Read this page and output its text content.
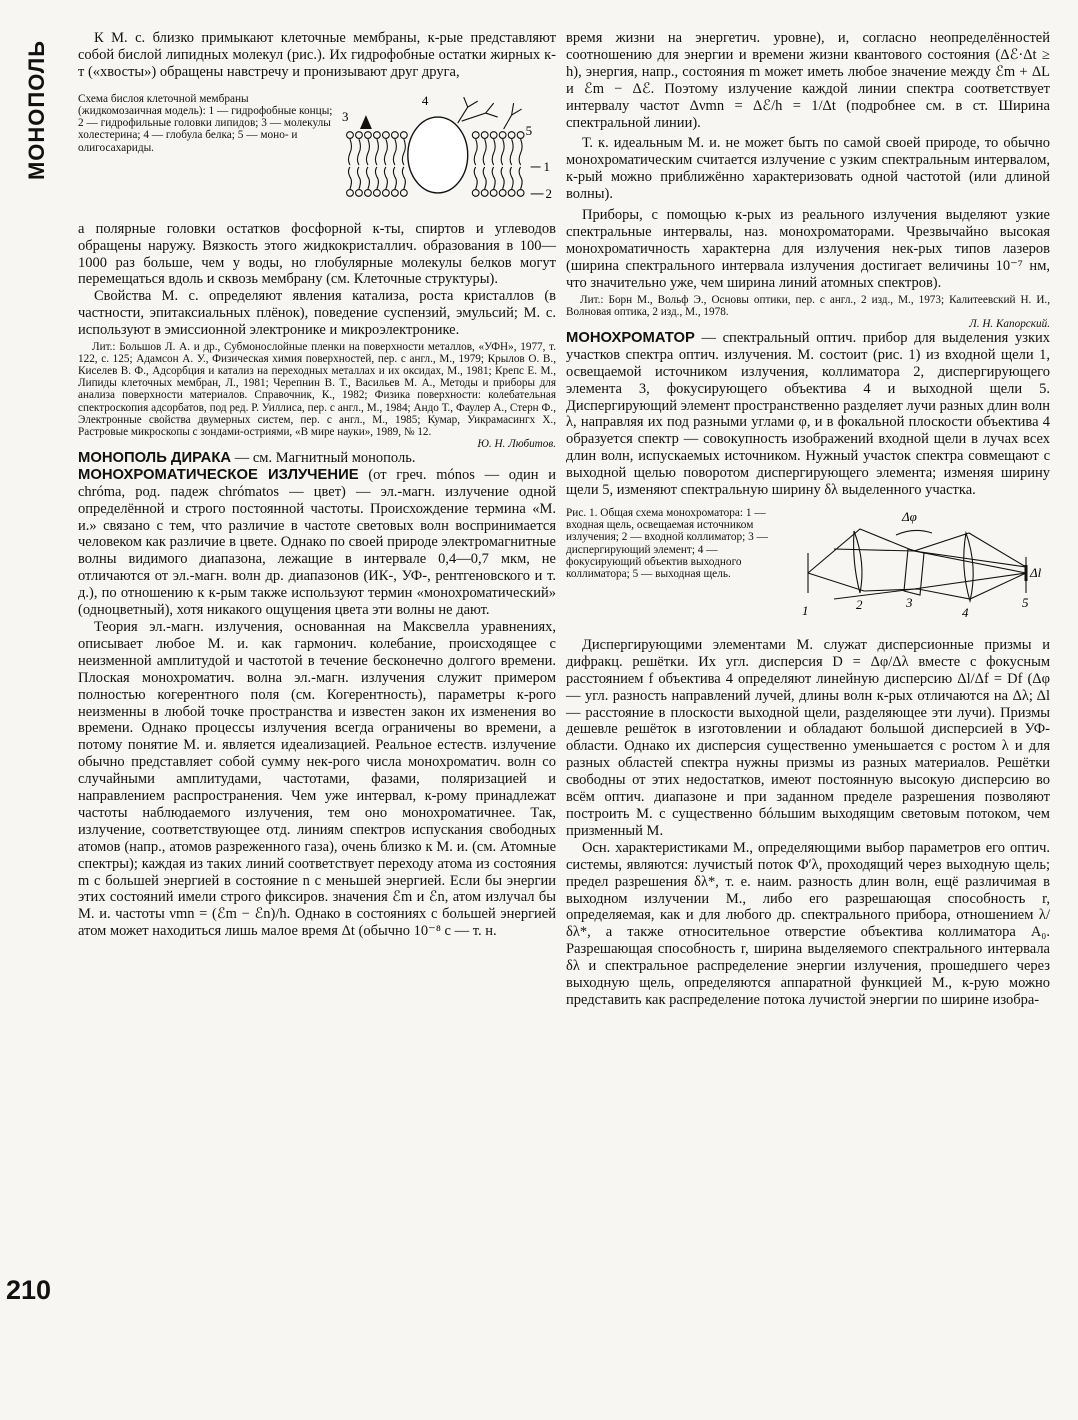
МОНОПОЛЬ
210

К М. с. близко примыкают клеточные мембраны, к-рые представляют собой бислой липидных молекул (рис.). Их гидрофобные остатки жирных к-т («хвосты») обращены навстречу и пронизывают друг друга,

Схема бислоя клеточной мембраны (жидкомозаичная модель): 1 — гидрофобные концы; 2 — гидрофильные головки липидов; 3 — молекулы холестерина; 4 — глобула белка; 5 — моно- и олигосахариды.
3
4
5
1
2

а полярные головки остатков фосфорной к-ты, спиртов и углеводов обращены наружу. Вязкость этого жидкокристаллич. образования в 100—1000 раз больше, чем у воды, но глобулярные молекулы белков могут перемещаться вдоль и сквозь мембрану (см. Клеточные структуры).

Свойства М. с. определяют явления катализа, роста кристаллов (в частности, эпитаксиальных плёнок), поведение суспензий, эмульсий; М. с. используют в эмиссионной электронике и микроэлектронике.

Лит.: Большов Л. А. и др., Субмонослойные пленки на поверхности металлов, «УФН», 1977, т. 122, с. 125; Адамсон А. У., Физическая химия поверхностей, пер. с англ., М., 1979; Крылов О. В., Киселев В. Ф., Адсорбция и катализ на переходных металлах и их оксидах, М., 1981; Крепс Е. М., Липиды клеточных мембран, Л., 1981; Черепнин В. Т., Васильев М. А., Методы и приборы для анализа поверхности материалов. Справочник, К., 1982; Физика поверхности: колебательная спектроскопия адсорбатов, под ред. Р. Уиллиса, пер. с англ., М., 1984; Андо Т., Фаулер А., Стерн Ф., Электронные свойства двумерных систем, пер. с англ., М., 1985; Кумар, Уикрамасингх X., Растровые микроскопы с зондами-остриями, «В мире науки», 1989, № 12.
Ю. Н. Любитов.

МОНОПОЛЬ ДИРАКА — см. Магнитный монополь.

МОНОХРОМАТИЧЕСКОЕ ИЗЛУЧЕНИЕ (от греч. mónos — один и chróma, род. падеж chrómatos — цвет) — эл.-магн. излучение одной определённой и строго постоянной частоты. Происхождение термина «М. и.» связано с тем, что различие в частоте световых волн воспринимается человеком как различие в цвете. Однако по своей природе электромагнитные волны видимого диапазона, лежащие в интервале 0,4—0,7 мкм, не отличаются от эл.-магн. волн др. диапазонов (ИК-, УФ-, рентгеновского и т. д.), по отношению к к-рым также используют термин «монохроматический» (одноцветный), хотя никакого ощущения цвета эти волны не дают.

Теория эл.-магн. излучения, основанная на Максвелла уравнениях, описывает любое М. и. как гармонич. колебание, происходящее с неизменной амплитудой и частотой в течение бесконечно долгого времени. Плоская монохроматич. волна эл.-магн. излучения служит примером полностью когерентного поля (см. Когерентность), параметры к-рого неизменны в любой точке пространства и известен закон их изменения во времени. Однако процессы излучения всегда ограничены во времени, а потому понятие М. и. является идеализацией. Реальное естеств. излучение обычно представляет собой сумму нек-рого числа монохроматич. волн со случайными амплитудами, частотами, фазами, поляризацией и направлением распространения. Чем уже интервал, к-рому принадлежат частоты наблюдаемого излучения, тем оно монохроматичнее. Так, излучение, соответствующее отд. линиям спектров испускания свободных атомов (напр., атомов разреженного газа), очень близко к М. и. (см. Атомные спектры); каждая из таких линий соответствует переходу атома из состояния m с большей энергией в состояние n с меньшей энергией. Если бы энергии этих состояний имели строго фиксиров. значения ℰm и ℰn, атом излучал бы М. и. частоты νmn = (ℰm − ℰn)/h. Однако в состояниях с большей энергией атом может находиться лишь малое время Δt (обычно 10⁻⁸ с — т. н.

время жизни на энергетич. уровне), и, согласно неопределённостей соотношению для энергии и времени жизни квантового состояния (Δℰ·Δt ≥ h), энергия, напр., состояния m может иметь любое значение между ℰm + ΔL и ℰm − Δℰ. Поэтому излучение каждой линии спектра соответствует интервалу частот Δνmn = Δℰ/h = 1/Δt (подробнее см. в ст. Ширина спектральной линии).

Т. к. идеальным М. и. не может быть по самой своей природе, то обычно монохроматическим считается излучение с узким спектральным интервалом, к-рый можно приближённо характеризовать одной частотой (или длиной волны).

Приборы, с помощью к-рых из реального излучения выделяют узкие спектральные интервалы, наз. монохроматорами. Чрезвычайно высокая монохроматичность характерна для излучения нек-рых типов лазеров (ширина спектрального интервала излучения достигает величины 10⁻⁷ нм, что значительно уже, чем ширина линий атомных спектров).

Лит.: Борн М., Вольф Э., Основы оптики, пер. с англ., 2 изд., М., 1973; Калитеевский Н. И., Волновая оптика, 2 изд., М., 1978.
Л. Н. Капорский.

МОНОХРОМАТОР — спектральный оптич. прибор для выделения узких участков спектра оптич. излучения. М. состоит (рис. 1) из входной щели 1, освещаемой источником излучения, коллиматора 2, диспергирующего элемента 3, фокусирующего объектива 4 и выходной щели 5. Диспергирующий элемент пространственно разделяет лучи разных длин волн λ, направляя их под разными углами φ, и в фокальной плоскости объектива 4 образуется спектр — совокупность изображений входной щели в лучах всех длин волн, испускаемых источником. Нужный участок спектра совмещают с выходной щелью поворотом диспергирующего элемента; изменяя ширину щели 5, изменяют спектральную ширину δλ выделенного участка.

Рис. 1. Общая схема монохроматора: 1 — входная щель, освещаемая источником излучения; 2 — входной коллиматор; 3 — диспергирующий элемент; 4 — фокусирующий объектив выходного коллиматора; 5 — выходная щель.
Δφ
Δl
1	2	3
4
5

Диспергирующими элементами М. служат дисперсионные призмы и дифракц. решётки. Их угл. дисперсия D = Δφ/Δλ вместе с фокусным расстоянием f объектива 4 определяют линейную дисперсию Δl/Δf = Df (Δφ — угл. разность направлений лучей, длины волн к-рых отличаются на Δλ; Δl — расстояние в плоскости выходной щели, разделяющее эти лучи). Призмы дешевле решёток в изготовлении и обладают большой дисперсией в УФ-области. Однако их дисперсия существенно уменьшается с ростом λ и для разных областей спектра нужны призмы из разных материалов. Решётки свободны от этих недостатков, имеют постоянную высокую дисперсию во всём оптич. диапазоне и при заданном пределе разрешения позволяют построить М. с существенно бóльшим выходящим световым потоком, чем призменный М.

Осн. характеристиками М., определяющими выбор параметров его оптич. системы, являются: лучистый поток Φ′λ, проходящий через выходную щель; предел разрешения δλ*, т. е. наим. разность длин волн, ещё различимая в выходном излучении М., либо его разрешающая способность r, определяемая, как и для любого др. спектрального прибора, отношением λ/δλ*, а также относительное отверстие объектива коллиматора A₀. Разрешающая способность r, ширина выделяемого спектрального интервала δλ и спектральное распределение энергии излучения, прошедшего через выходную щель, определяются аппаратной функцией М., к-рую можно представить как распределение потока лучистой энергии по ширине изобра-
